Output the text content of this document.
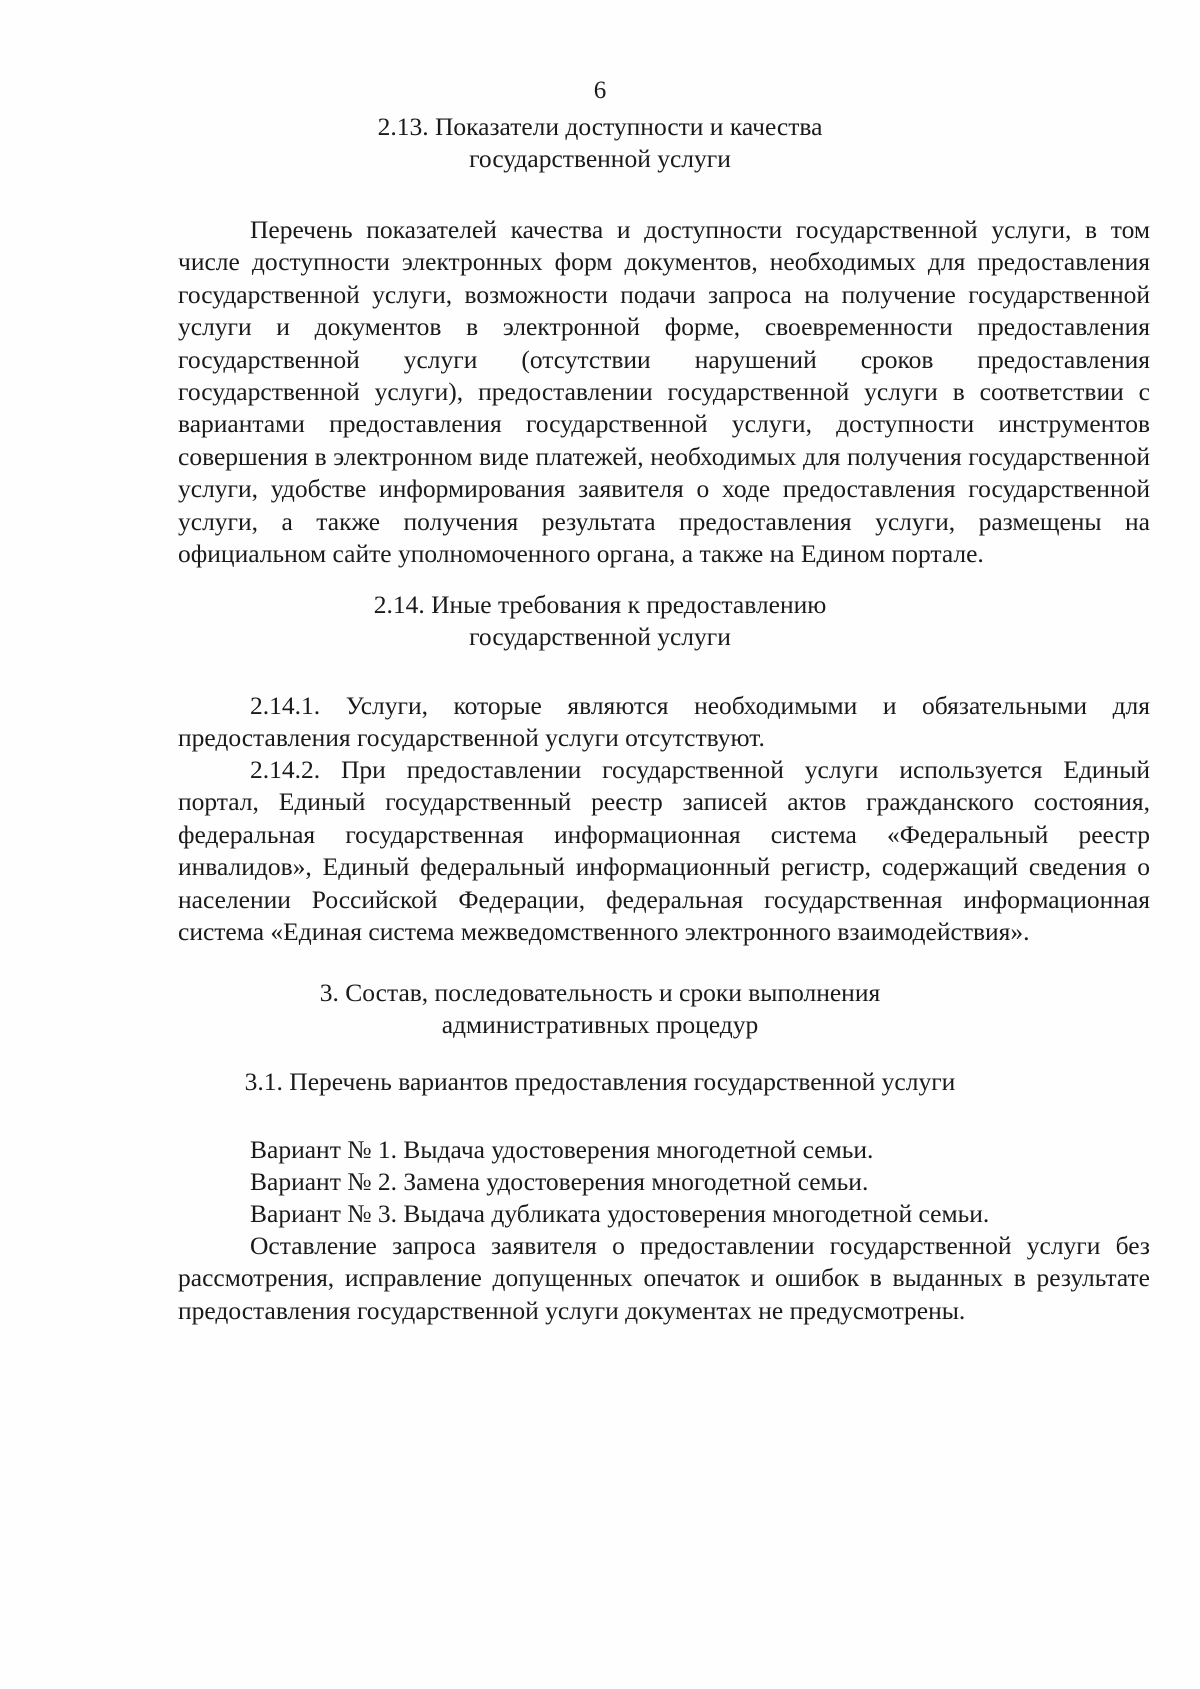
6
2.13. Показатели доступности и качества
государственной услуги

Перечень показателей качества и доступности государственной услуги, в том числе доступности электронных форм документов, необходимых для предоставления государственной услуги, возможности подачи запроса на получение государственной услуги и документов в электронной форме, своевременности предоставления государственной услуги (отсутствии нарушений сроков предоставления государственной услуги), предоставлении государственной услуги в соответствии с вариантами предоставления государственной услуги, доступности инструментов совершения в электронном виде платежей, необходимых для получения государственной услуги, удобстве информирования заявителя о ходе предоставления государственной услуги, а также получения результата предоставления услуги, размещены на официальном сайте уполномоченного органа, а также на Едином портале.

2.14. Иные требования к предоставлению
государственной услуги

2.14.1. Услуги, которые являются необходимыми и обязательными для предоставления государственной услуги отсутствуют.

2.14.2. При предоставлении государственной услуги используется Единый портал, Единый государственный реестр записей актов гражданского состояния, федеральная государственная информационная система «Федеральный реестр инвалидов», Единый федеральный информационный регистр, содержащий сведения о населении Российской Федерации, федеральная государственная информационная система «Единая система межведомственного электронного взаимодействия».

3. Состав, последовательность и сроки выполнения
административных процедур
3.1. Перечень вариантов предоставления государственной услуги
Вариант № 1. Выдача удостоверения многодетной семьи.
Вариант № 2. Замена удостоверения многодетной семьи.
Вариант № 3. Выдача дубликата удостоверения многодетной семьи.

Оставление запроса заявителя о предоставлении государственной услуги без рассмотрения, исправление допущенных опечаток и ошибок в выданных в результате предоставления государственной услуги документах не предусмотрены.
